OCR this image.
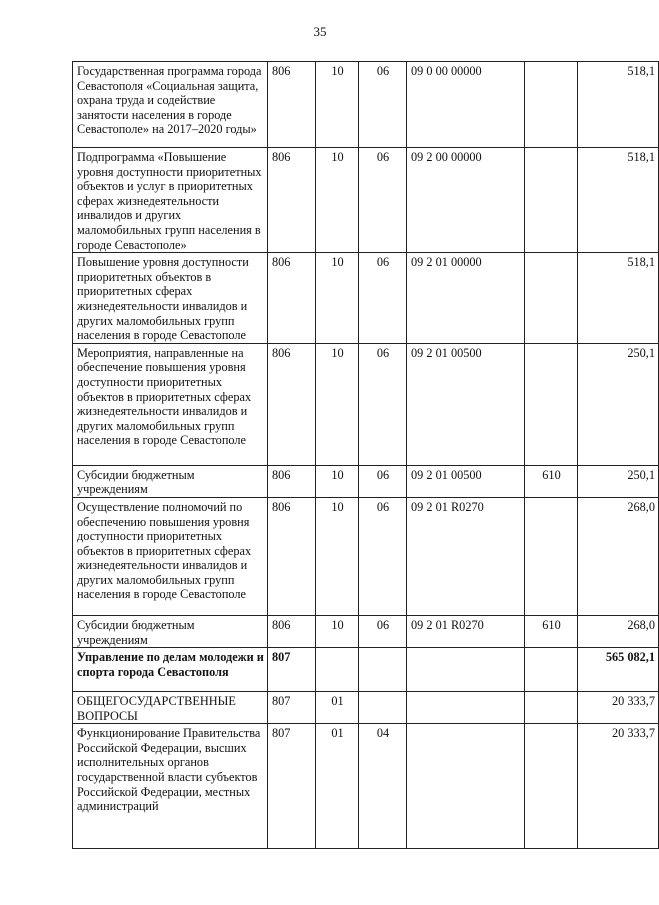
35
Государственная программа города Севастополя «Социальная защита, охрана труда и содействие занятости населения в городе Севастополе» на 2017–2020 годы»	806	10	06	09 0 00 00000		518,1
Подпрограмма «Повышение уровня доступности приоритетных объектов и услуг в приоритетных сферах жизнедеятельности инвалидов и других маломобильных групп населения в городе Севастополе»	806	10	06	09 2 00 00000		518,1
Повышение уровня доступности приоритетных объектов в приоритетных сферах жизнедеятельности инвалидов и других маломобильных групп населения в городе Севастополе	806	10	06	09 2 01 00000		518,1
Мероприятия, направленные на обеспечение повышения уровня доступности приоритетных объектов в приоритетных сферах жизнедеятельности инвалидов и других маломобильных групп населения в городе Севастополе	806	10	06	09 2 01 00500		250,1
Субсидии бюджетным учреждениям	806	10	06	09 2 01 00500	610	250,1
Осуществление полномочий по обеспечению повышения уровня доступности приоритетных объектов в приоритетных сферах жизнедеятельности инвалидов и других маломобильных групп населения в городе Севастополе	806	10	06	09 2 01 R0270		268,0
Субсидии бюджетным учреждениям	806	10	06	09 2 01 R0270	610	268,0
Управление по делам молодежи и спорта города Севастополя	807					565 082,1
ОБЩЕГОСУДАРСТВЕННЫЕ ВОПРОСЫ	807	01				20 333,7
Функционирование Правительства Российской Федерации, высших исполнительных органов государственной власти субъектов Российской Федерации, местных администраций	807	01	04			20 333,7
